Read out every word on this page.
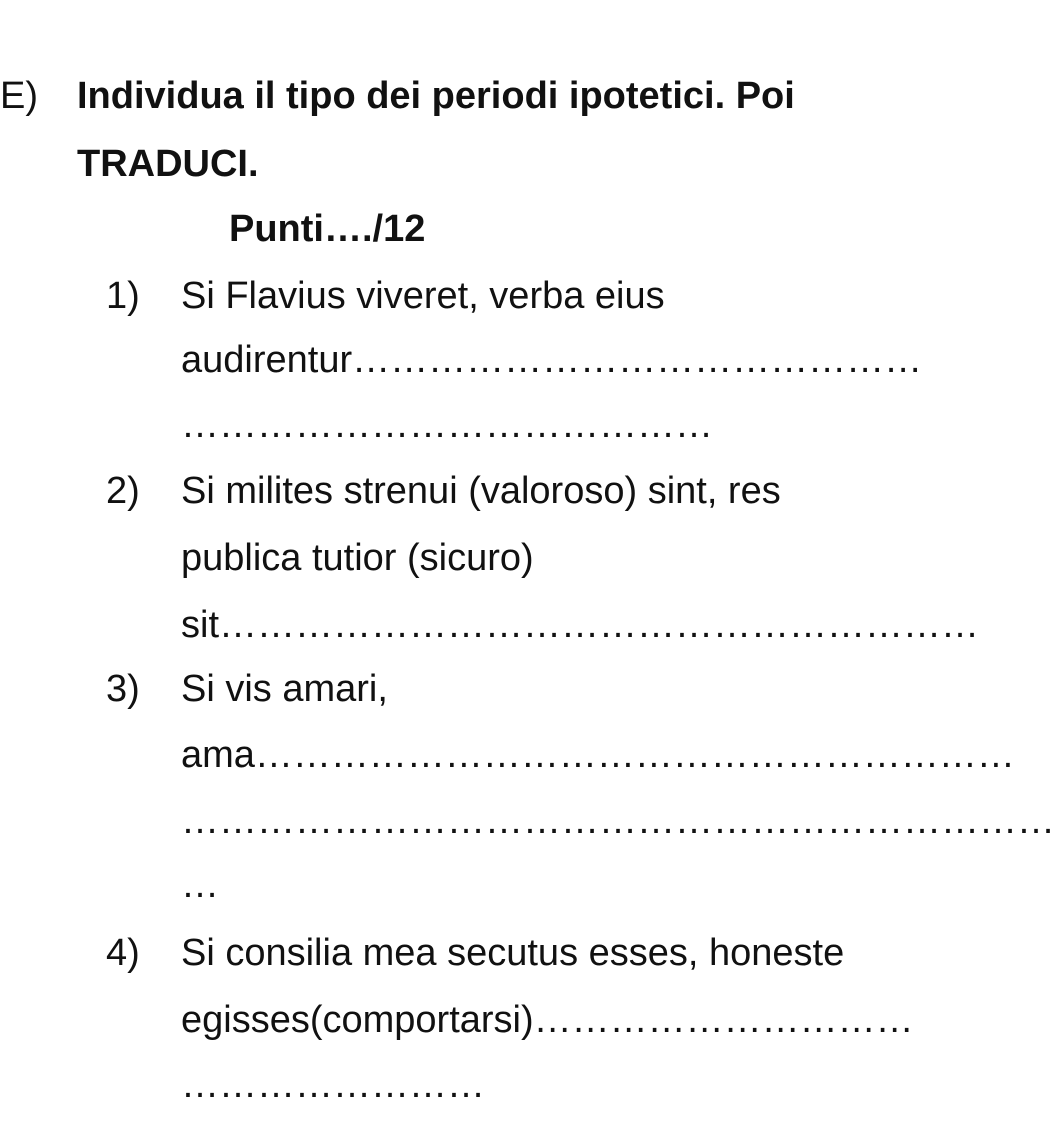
E) Individua il tipo dei periodi ipotetici. Poi
TRADUCI.
Punti…./12
1) Si Flavius viveret, verba eius
audirentur………………………………………
……………………………………
2) Si milites strenui (valoroso) sint, res
publica tutior (sicuro)
sit……………………………………………………
3) Si vis amari,
ama……………………………………………………
……………………………………………………………
…
4) Si consilia mea secutus esses, honeste
egisses(comportarsi)…………………………
……………………
